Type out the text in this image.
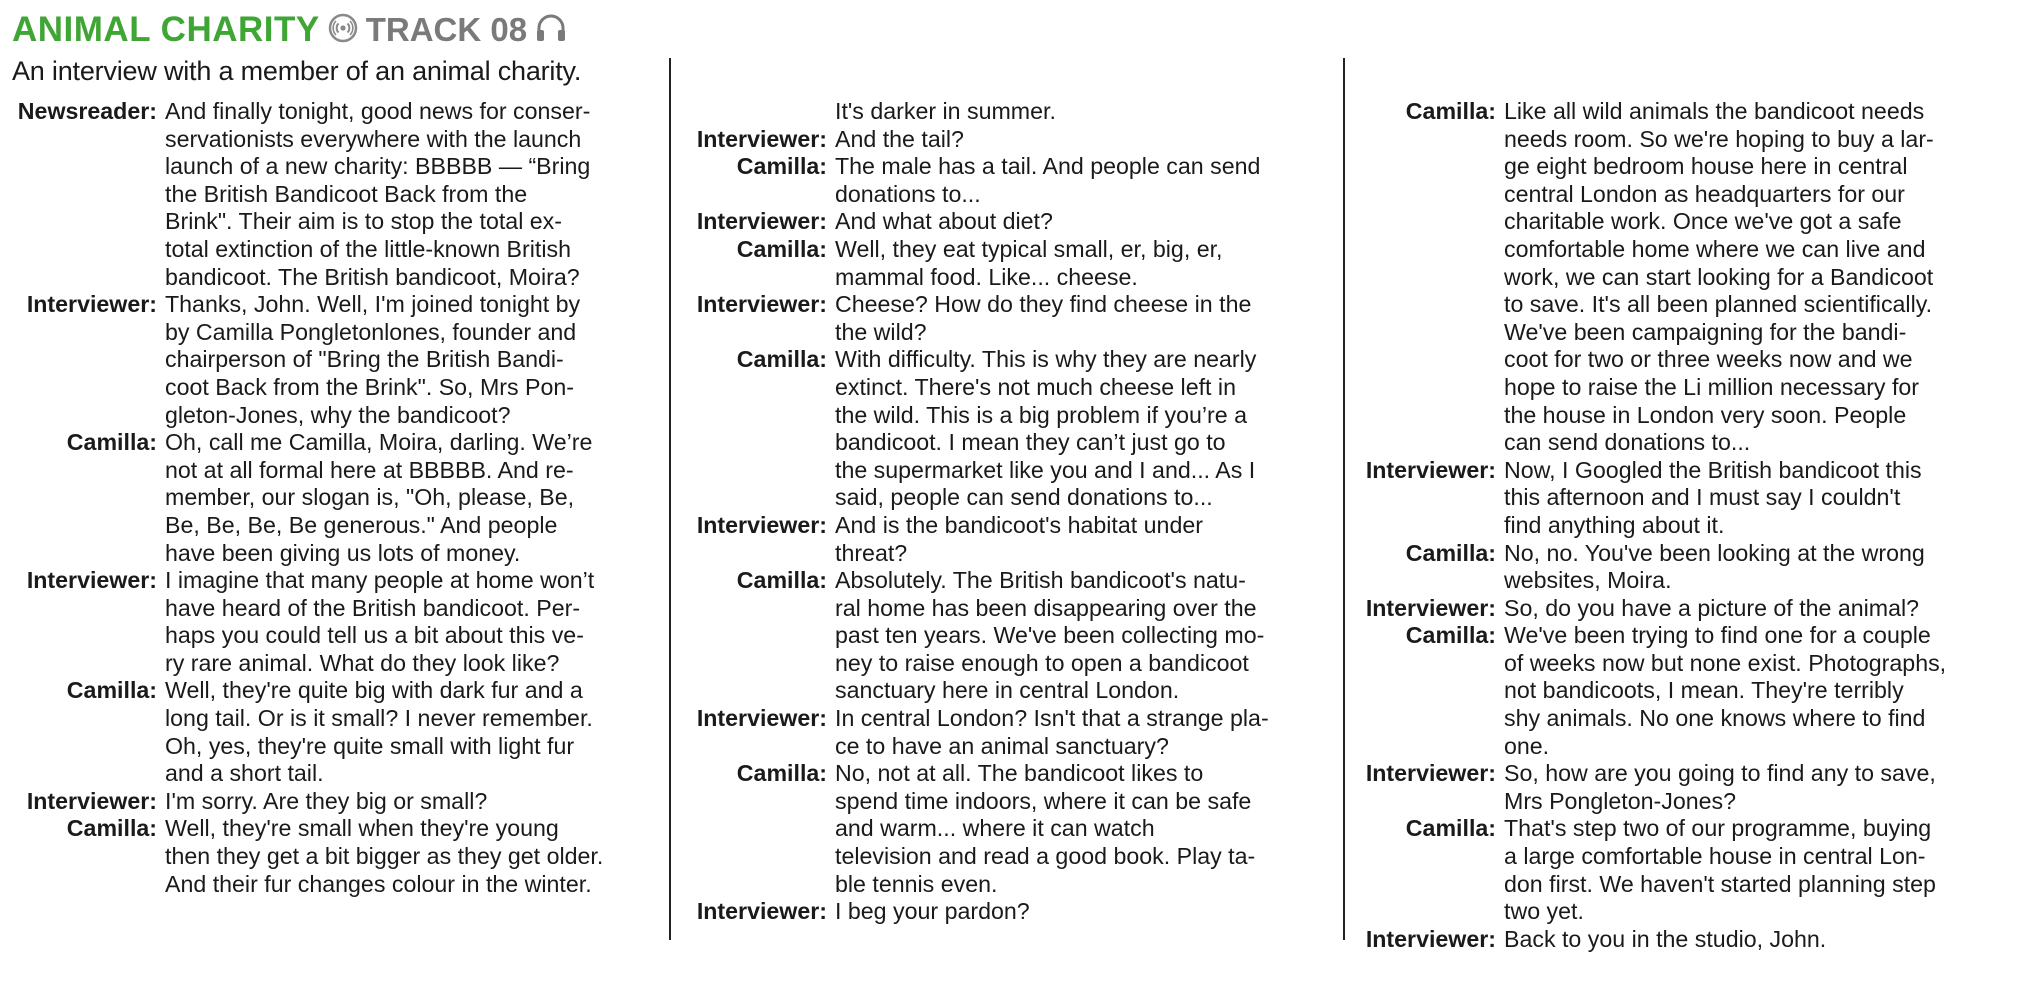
ANIMAL CHARITY TRACK 08
An interview with a member of an animal charity.
Newsreader: And finally tonight, good news for conser-
servationists everywhere with the launch
launch of a new charity: BBBBB — “Bring
the British Bandicoot Back from the
Brink". Their aim is to stop the total ex-
total extinction of the little-known British
bandicoot. The British bandicoot, Moira?
Interviewer: Thanks, John. Well, I'm joined tonight by
by Camilla Pongletonlones, founder and
chairperson of "Bring the British Bandi-
coot Back from the Brink". So, Mrs Pon-
gleton-Jones, why the bandicoot?
Camilla: Oh, call me Camilla, Moira, darling. We’re
not at all formal here at BBBBB. And re-
member, our slogan is, "Oh, please, Be,
Be, Be, Be, Be generous." And people
have been giving us lots of money.
Interviewer: I imagine that many people at home won’t
have heard of the British bandicoot. Per-
haps you could tell us a bit about this ve-
ry rare animal. What do they look like?
Camilla: Well, they're quite big with dark fur and a
long tail. Or is it small? I never remember.
Oh, yes, they're quite small with light fur
and a short tail.
Interviewer: I'm sorry. Are they big or small?
Camilla: Well, they're small when they're young
then they get a bit bigger as they get older.
And their fur changes colour in the winter.
It's darker in summer.
Interviewer: And the tail?
Camilla: The male has a tail. And people can send
donations to...
Interviewer: And what about diet?
Camilla: Well, they eat typical small, er, big, er,
mammal food. Like... cheese.
Interviewer: Cheese? How do they find cheese in the
the wild?
Camilla: With difficulty. This is why they are nearly
extinct. There's not much cheese left in
the wild. This is a big problem if you’re a
bandicoot. I mean they can’t just go to
the supermarket like you and I and... As I
said, people can send donations to...
Interviewer: And is the bandicoot's habitat under
threat?
Camilla: Absolutely. The British bandicoot's natu-
ral home has been disappearing over the
past ten years. We've been collecting mo-
ney to raise enough to open a bandicoot
sanctuary here in central London.
Interviewer: In central London? Isn't that a strange pla-
ce to have an animal sanctuary?
Camilla: No, not at all. The bandicoot likes to
spend time indoors, where it can be safe
and warm... where it can watch
television and read a good book. Play ta-
ble tennis even.
Interviewer: I beg your pardon?
Camilla: Like all wild animals the bandicoot needs
needs room. So we're hoping to buy a lar-
ge eight bedroom house here in central
central London as headquarters for our
charitable work. Once we've got a safe
comfortable home where we can live and
work, we can start looking for a Bandicoot
to save. It's all been planned scientifically.
We've been campaigning for the bandi-
coot for two or three weeks now and we
hope to raise the Li million necessary for
the house in London very soon. People
can send donations to...
Interviewer: Now, I Googled the British bandicoot this
this afternoon and I must say I couldn't
find anything about it.
Camilla: No, no. You've been looking at the wrong
websites, Moira.
Interviewer: So, do you have a picture of the animal?
Camilla: We've been trying to find one for a couple
of weeks now but none exist. Photographs,
not bandicoots, I mean. They're terribly
shy animals. No one knows where to find
one.
Interviewer: So, how are you going to find any to save,
Mrs Pongleton-Jones?
Camilla: That's step two of our programme, buying
a large comfortable house in central Lon-
don first. We haven't started planning step
two yet.
Interviewer: Back to you in the studio, John.
